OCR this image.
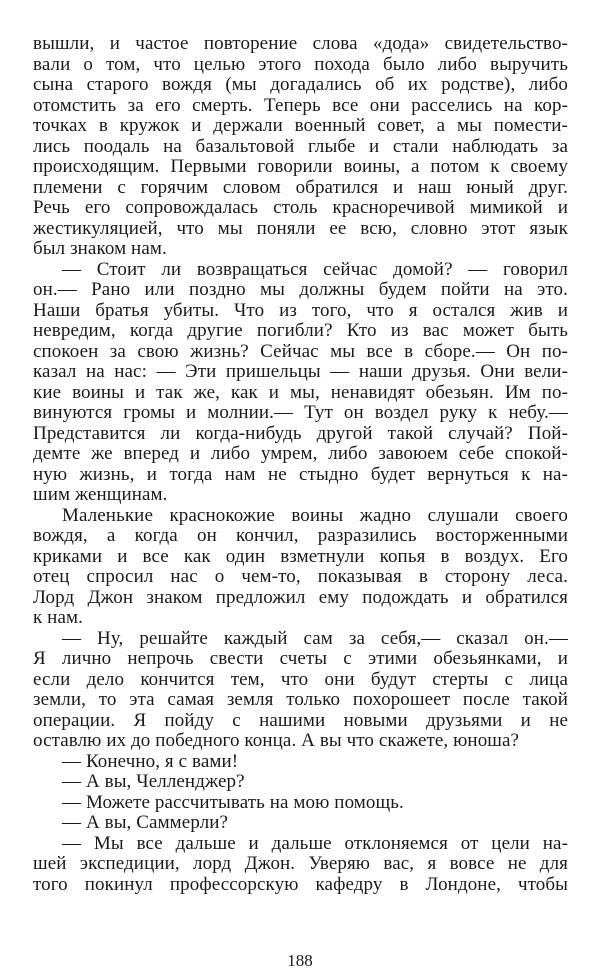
вышли, и частое повторение слова «дода» свидетельство-
вали о том, что целью этого похода было либо выручить
сына старого вождя (мы догадались об их родстве), либо
отомстить за его смерть. Теперь все они расселись на кор-
точках в кружок и держали военный совет, а мы помести-
лись поодаль на базальтовой глыбе и стали наблюдать за
происходящим. Первыми говорили воины, а потом к своему
племени с горячим словом обратился и наш юный друг.
Речь его сопровождалась столь красноречивой мимикой и
жестикуляцией, что мы поняли ее всю, словно этот язык
был знаком нам.
— Стоит ли возвращаться сейчас домой? — говорил
он.— Рано или поздно мы должны будем пойти на это.
Наши братья убиты. Что из того, что я остался жив и
невредим, когда другие погибли? Кто из вас может быть
спокоен за свою жизнь? Сейчас мы все в сборе.— Он по-
казал на нас: — Эти пришельцы — наши друзья. Они вели-
кие воины и так же, как и мы, ненавидят обезьян. Им по-
винуются громы и молнии.— Тут он воздел руку к небу.—
Представится ли когда-нибудь другой такой случай? Пой-
демте же вперед и либо умрем, либо завоюем себе спокой-
ную жизнь, и тогда нам не стыдно будет вернуться к на-
шим женщинам.
Маленькие краснокожие воины жадно слушали своего
вождя, а когда он кончил, разразились восторженными
криками и все как один взметнули копья в воздух. Его
отец спросил нас о чем-то, показывая в сторону леса.
Лорд Джон знаком предложил ему подождать и обратился
к нам.
— Ну, решайте каждый сам за себя,— сказал он.—
Я лично непрочь свести счеты с этими обезьянками, и
если дело кончится тем, что они будут стерты с лица
земли, то эта самая земля только похорошеет после такой
операции. Я пойду с нашими новыми друзьями и не
оставлю их до победного конца. А вы что скажете, юноша?
— Конечно, я с вами!
— А вы, Челленджер?
— Можете рассчитывать на мою помощь.
— А вы, Саммерли?
— Мы все дальше и дальше отклоняемся от цели на-
шей экспедиции, лорд Джон. Уверяю вас, я вовсе не для
того покинул профессорскую кафедру в Лондоне, чтобы
188
